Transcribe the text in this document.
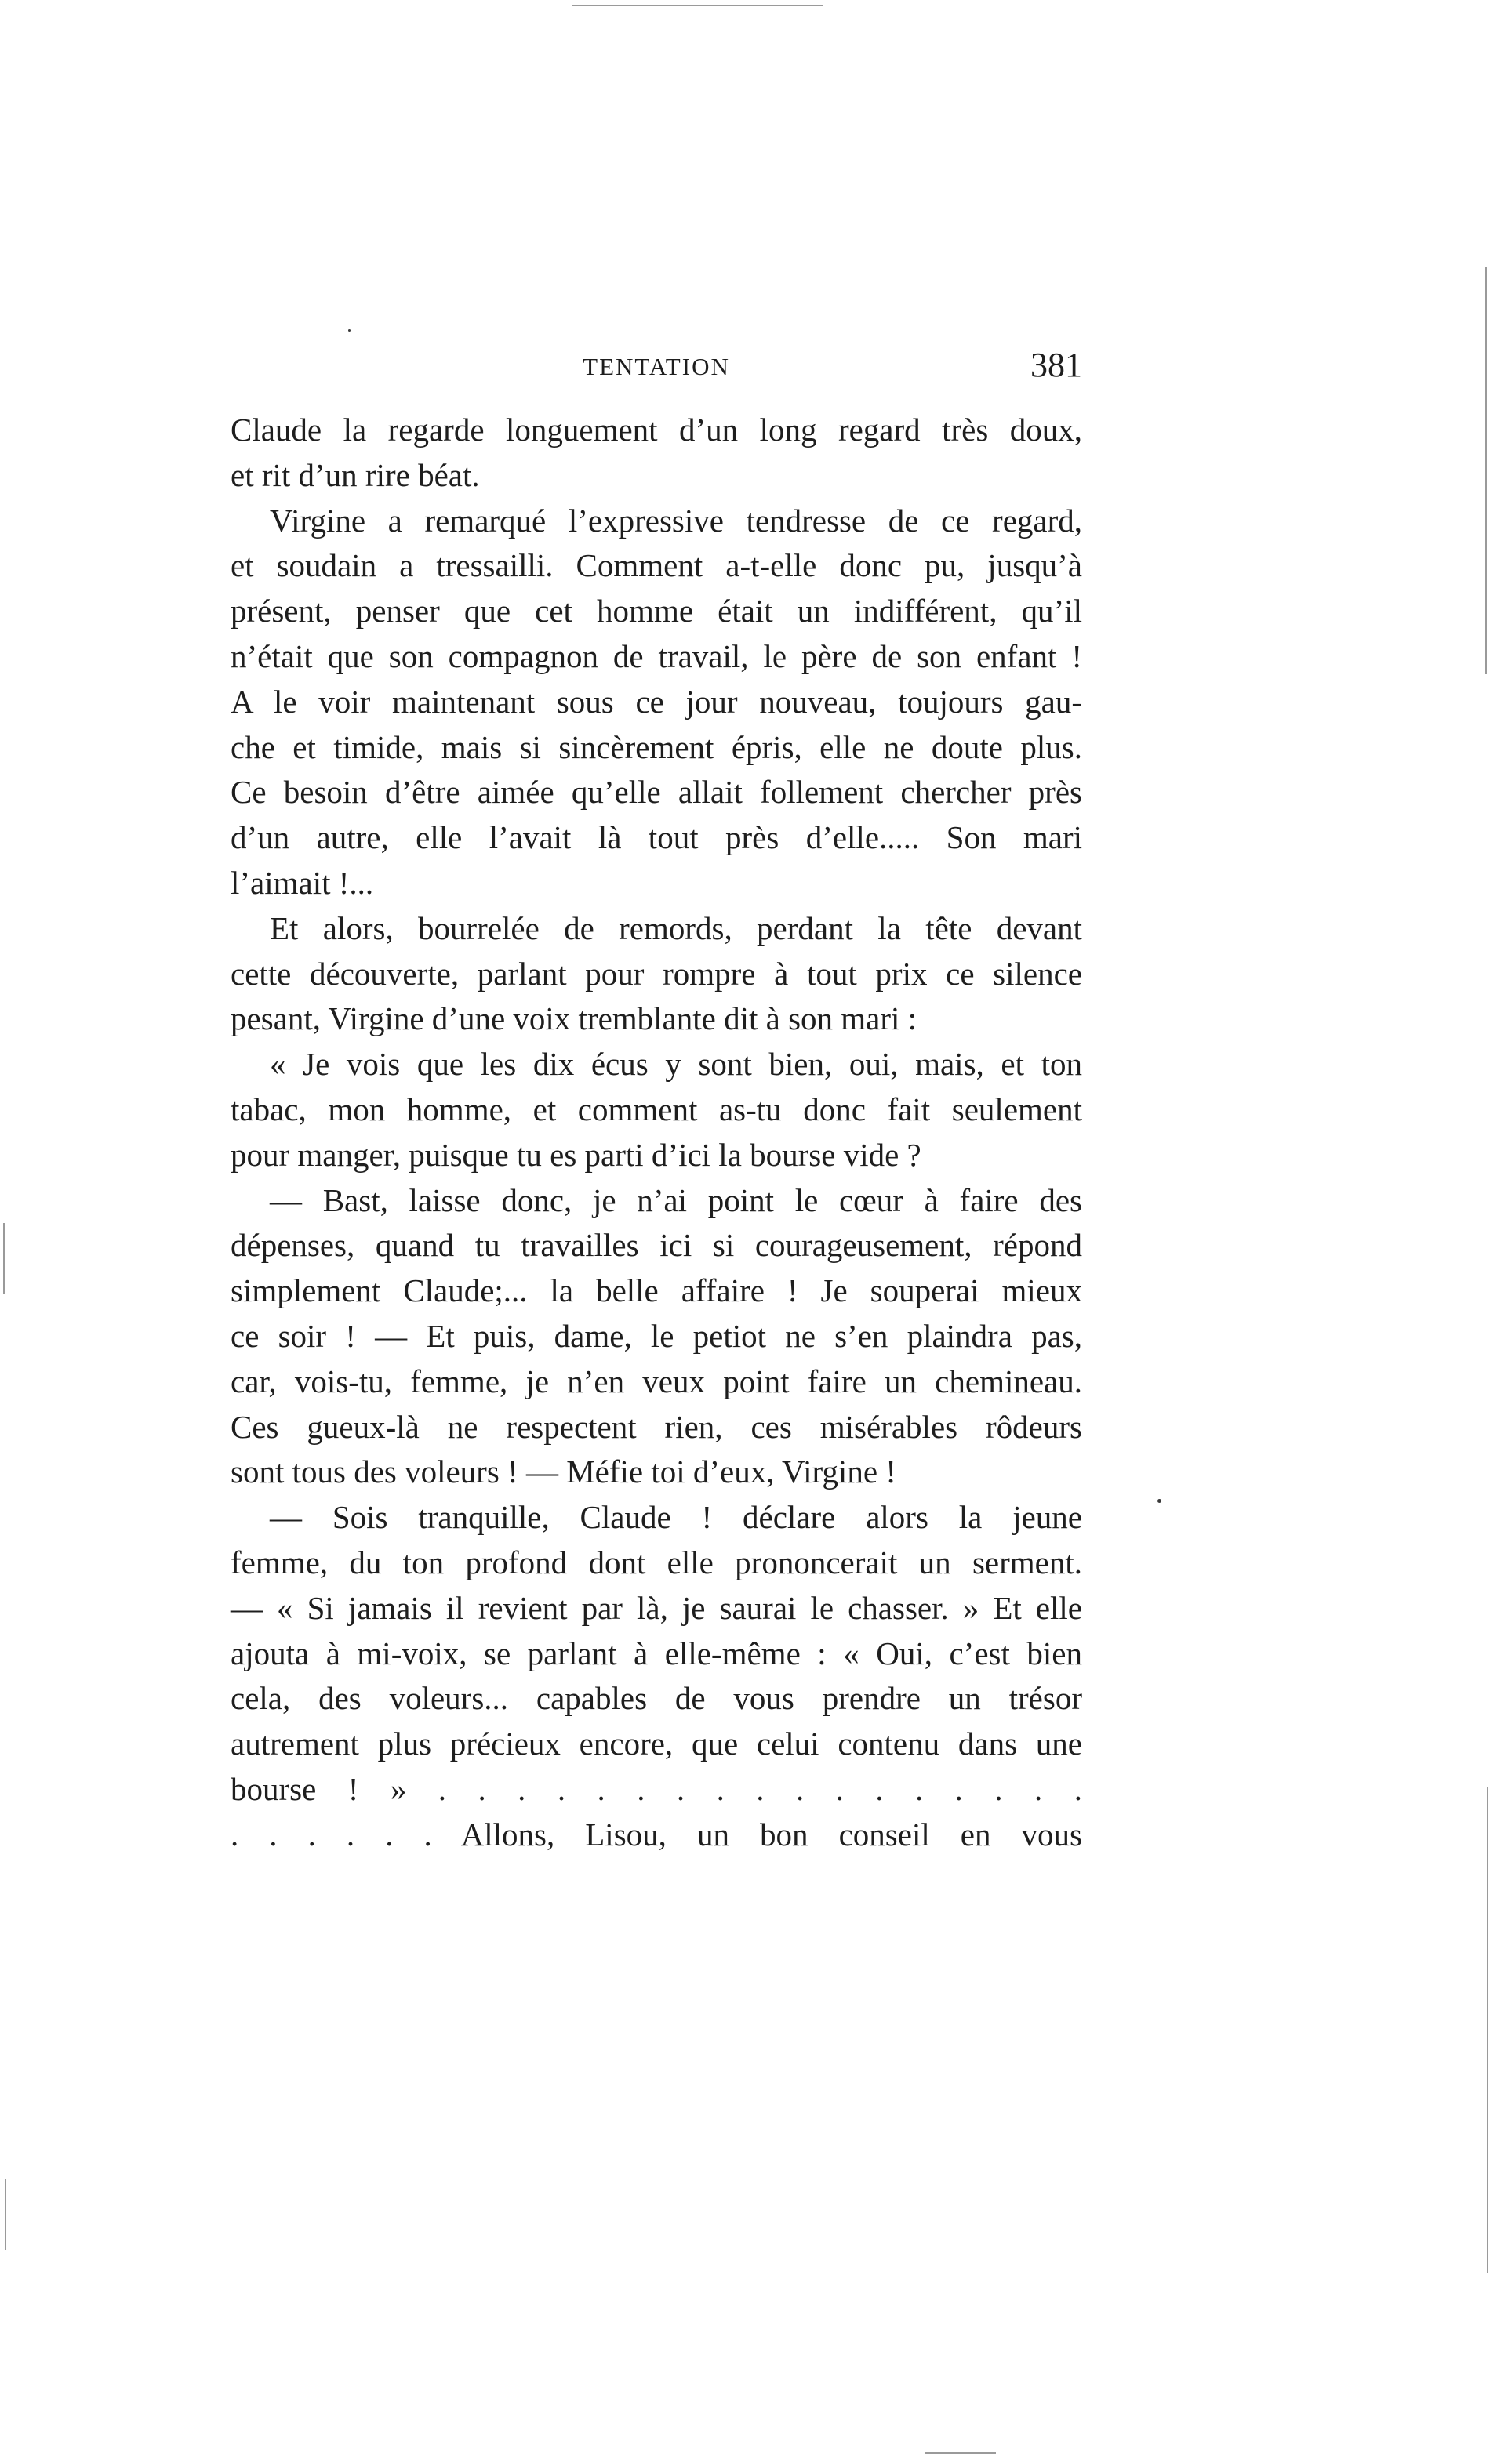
TENTATION	381
Claude la regarde longuement d’un long regard très doux,
et rit d’un rire béat.
Virgine a remarqué l’expressive tendresse de ce regard,
et soudain a tressailli. Comment a-t-elle donc pu, jusqu’à
présent, penser que cet homme était un indifférent, qu’il
n’était que son compagnon de travail, le père de son enfant !
A le voir maintenant sous ce jour nouveau, toujours gau-
che et timide, mais si sincèrement épris, elle ne doute plus.
Ce besoin d’être aimée qu’elle allait follement chercher près
d’un autre, elle l’avait là tout près d’elle..... Son mari
l’aimait !...
Et alors, bourrelée de remords, perdant la tête devant
cette découverte, parlant pour rompre à tout prix ce silence
pesant, Virgine d’une voix tremblante dit à son mari :
« Je vois que les dix écus y sont bien, oui, mais, et ton
tabac, mon homme, et comment as-tu donc fait seulement
pour manger, puisque tu es parti d’ici la bourse vide ?
— Bast, laisse donc, je n’ai point le cœur à faire des
dépenses, quand tu travailles ici si courageusement, répond
simplement Claude;... la belle affaire ! Je souperai mieux
ce soir ! — Et puis, dame, le petiot ne s’en plaindra pas,
car, vois-tu, femme, je n’en veux point faire un chemineau.
Ces gueux-là ne respectent rien, ces misérables rôdeurs
sont tous des voleurs ! — Méfie toi d’eux, Virgine !
— Sois tranquille, Claude ! déclare alors la jeune
femme, du ton profond dont elle prononcerait un serment.
— « Si jamais il revient par là, je saurai le chasser. » Et elle
ajouta à mi-voix, se parlant à elle-même : « Oui, c’est bien
cela, des voleurs... capables de vous prendre un trésor
autrement plus précieux encore, que celui contenu dans une
bourse ! » . . . . . . . . . . . . . . . . .
. . . . . . Allons, Lisou, un bon conseil en vous
